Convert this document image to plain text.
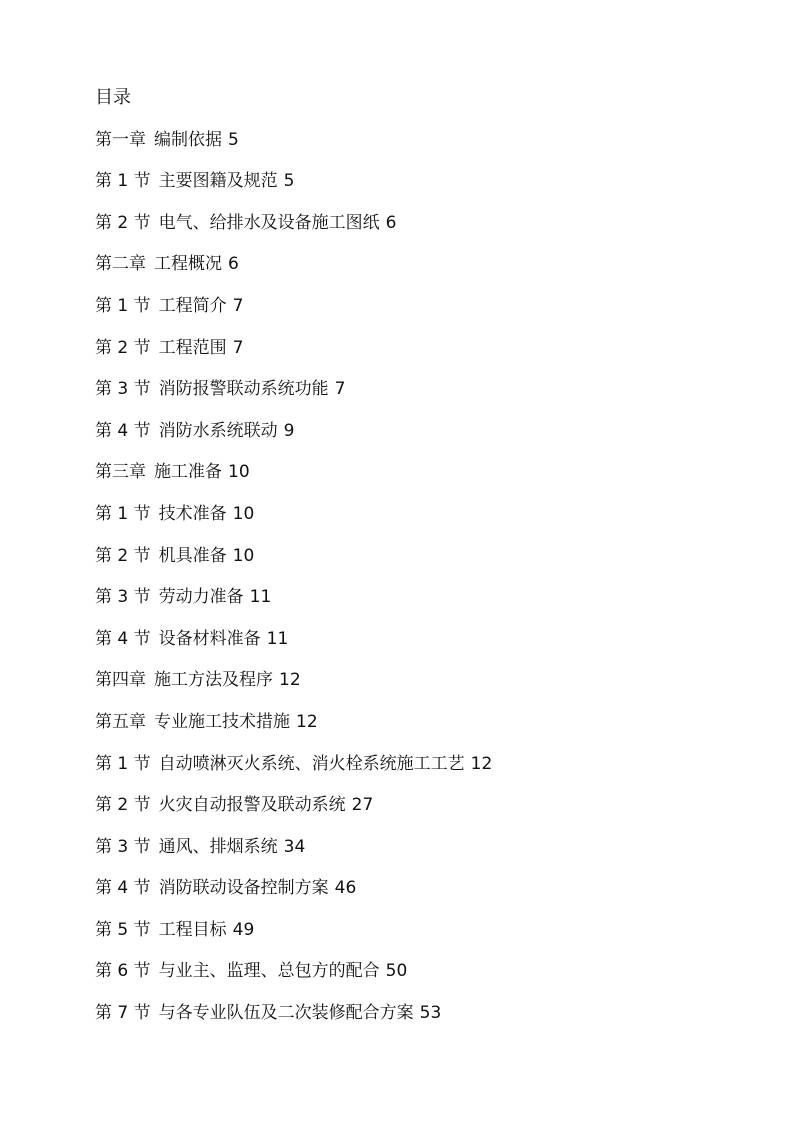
目录
第一章 编制依据 5
第 1 节 主要图籍及规范 5
第 2 节 电气、给排水及设备施工图纸 6
第二章 工程概况 6
第 1 节 工程简介 7
第 2 节 工程范围 7
第 3 节 消防报警联动系统功能 7
第 4 节 消防水系统联动 9
第三章 施工准备 10
第 1 节 技术准备 10
第 2 节 机具准备 10
第 3 节 劳动力准备 11
第 4 节 设备材料准备 11
第四章 施工方法及程序 12
第五章 专业施工技术措施 12
第 1 节 自动喷淋灭火系统、消火栓系统施工工艺 12
第 2 节 火灾自动报警及联动系统 27
第 3 节 通风、排烟系统 34
第 4 节 消防联动设备控制方案 46
第 5 节 工程目标 49
第 6 节 与业主、监理、总包方的配合 50
第 7 节 与各专业队伍及二次装修配合方案 53
